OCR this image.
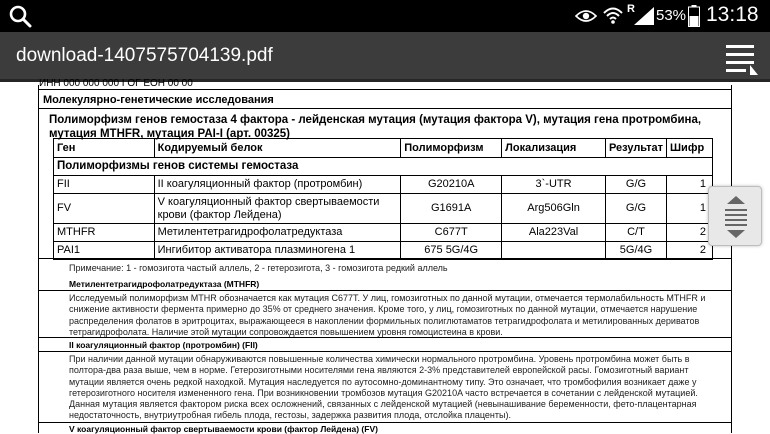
R 53% 13:18
download-1407575704139.pdf
ИНН 000 000 000 I ОГ ЕОН 00 00
Молекулярно-генетические исследования
Полиморфизм генов гемостаза 4 фактора - лейденская мутация (мутация фактора V), мутация гена протромбина, мутация MTHFR, мутация PAI-I (арт. 00325)
Ген	Кодируемый белок	Полиморфизм	Локализация	Результат	Шифр
Полиморфизмы генов системы гемостаза					
FII	II коагуляционный фактор (протромбин)	G20210A	3`-UTR	G/G	1
FV	V коагуляционный фактор свертываемости крови (фактор Лейдена)	G1691A	Arg506Gln	G/G	1
MTHFR	Метилентетрагидрофолатредуктаза	C677T	Ala223Val	C/T	2
PAI1	Ингибитор активатора плазминогена 1	675 5G/4G		5G/4G	2
Примечание: 1 - гомозигота частый аллель, 2 - гетерозигота, 3 - гомозигота редкий аллель
Метилентетрагидрофолатредуктаза (MTHFR)
Исследуемый полиморфизм MTHR обозначается как мутация C677T. У лиц, гомозиготных по данной мутации, отмечается термолабильность MTHFR и
снижение активности фермента примерно до 35% от среднего значения. Кроме того, у лиц, гомозиготных по данной мутации, отмечается нарушение
распределения фолатов в эритроцитах, выражающееся в накоплении формильных полиглютаматов тетрагидрофолата и метилированных дериватов
тетрагидрофолата. Наличие этой мутации сопровождается повышением уровня гомоцистеина в крови.
II коагуляционный фактор (протромбин) (FII)
При наличии данной мутации обнаруживаются повышенные количества химически нормального протромбина. Уровень протромбина может быть в
полтора-два раза выше, чем в норме. Гетерозиготными носителями гена являются 2-3% представителей европейской расы. Гомозиготный вариант
мутации является очень редкой находкой. Мутация наследуется по аутосомно-доминантному типу. Это означает, что тромбофилия возникает даже у
гетерозиготного носителя измененного гена. При возникновении тромбозов мутация G20210A часто встречается в сочетании с лейденской мутацией.
Данная мутация является фактором риска всех осложнений, связанных с лейденской мутацией (невынашивание беременности, фето-плацентарная
недостаточность, внутриутробная гибель плода, гестозы, задержка развития плода, отслойка плаценты).
V коагуляционный фактор свертываемости крови (фактор Лейдена) (FV)
